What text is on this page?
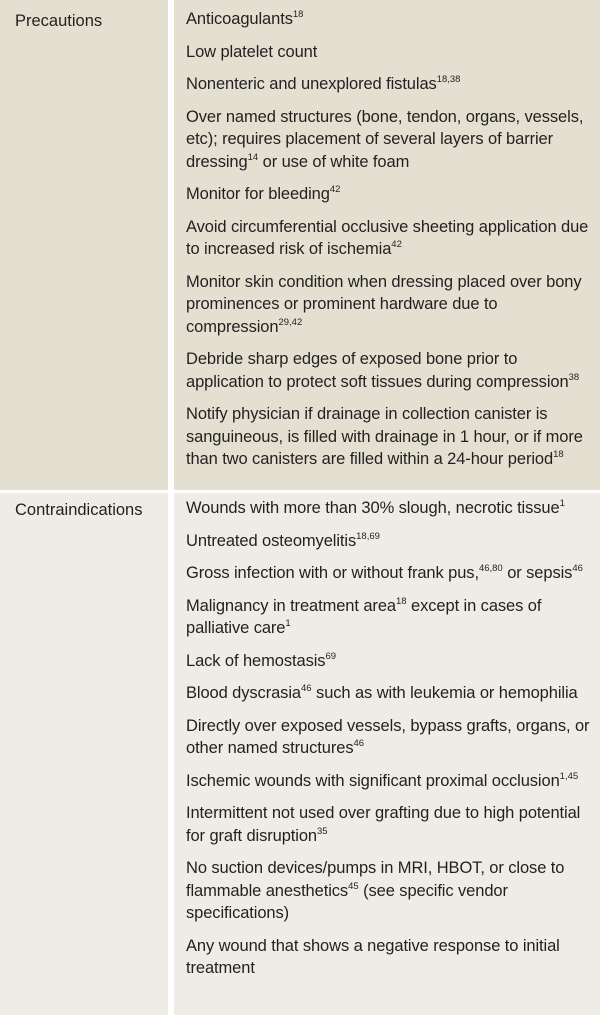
Precautions	Anticoagulants$^{18}$
Low platelet count
Nonenteric and unexplored fistulas$^{18,38}$
Over named structures (bone, tendon, organs, vessels, etc); requires placement of several layers of barrier dressing$^{14}$ or use of white foam
Monitor for bleeding$^{42}$
Avoid circumferential occlusive sheeting application due to increased risk of ischemia$^{42}$
Monitor skin condition when dressing placed over bony prominences or prominent hardware due to compression$^{29,42}$
Debride sharp edges of exposed bone prior to application to protect soft tissues during compression$^{38}$
Notify physician if drainage in collection canister is sanguineous, is filled with drainage in 1 hour, or if more than two canisters are filled within a 24-hour period$^{18}$
Contraindications	Wounds with more than 30% slough, necrotic tissue$^1$
Untreated osteomyelitis$^{18,69}$
Gross infection with or without frank pus,$^{46,80}$ or sepsis$^{46}$
Malignancy in treatment area$^{18}$ except in cases of palliative care$^1$
Lack of hemostasis$^{69}$
Blood dyscrasia$^{46}$ such as with leukemia or hemophilia
Directly over exposed vessels, bypass grafts, organs, or other named structures$^{46}$
Ischemic wounds with significant proximal occlusion$^{1,45}$
Intermittent not used over grafting due to high potential for graft disruption$^{35}$
No suction devices/pumps in MRI, HBOT, or close to flammable anesthetics$^{45}$ (see specific vendor specifications)
Any wound that shows a negative response to initial treatment
